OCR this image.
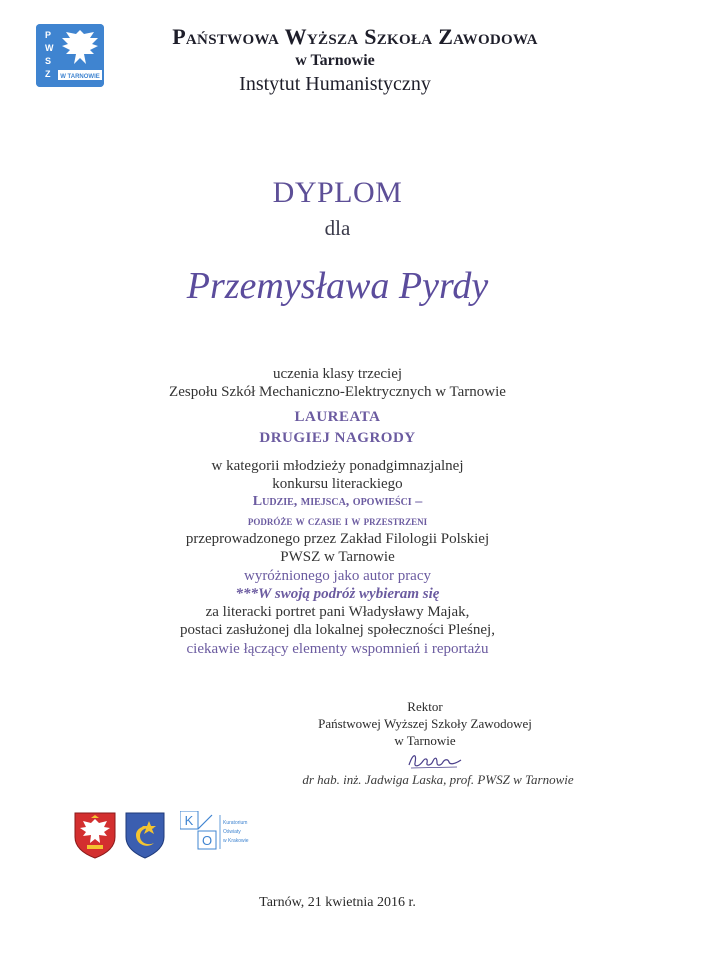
P
W
S
Z W TARNOWIE
Państwowa Wyższa Szkoła Zawodowa
w Tarnowie
Instytut Humanistyczny
DYPLOM
dla
Przemysława Pyrdy
uczenia klasy trzeciej
Zespołu Szkół Mechaniczno-Elektrycznych w Tarnowie
LAUREATA
DRUGIEJ NAGRODY
w kategorii młodzieży ponadgimnazjalnej
konkursu literackiego
Ludzie, miejsca, opowieści –
podróże w czasie i w przestrzeni
przeprowadzonego przez Zakład Filologii Polskiej
PWSZ w Tarnowie
wyróżnionego jako autor pracy
***W swoją podróż wybieram się
za literacki portret pani Władysławy Majak,
postaci zasłużonej dla lokalnej społeczności Pleśnej,
ciekawie łączący elementy wspomnień i reportażu
Rektor
Państwowej Wyższej Szkoły Zawodowej
w Tarnowie
dr hab. inż. Jadwiga Laska, prof. PWSZ w Tarnowie
K
O
Kuratorium
Oświaty
w Krakowie
Tarnów, 21 kwietnia 2016 r.
